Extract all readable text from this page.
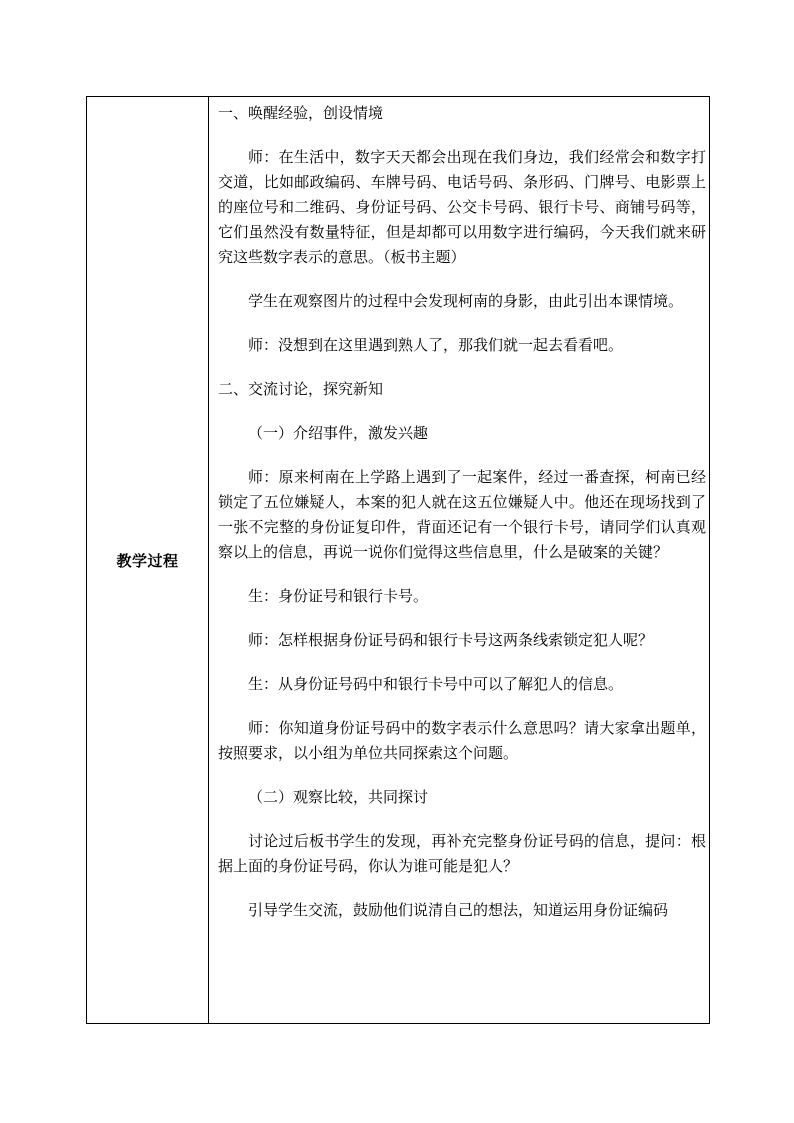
教学过程

一、唤醒经验，创设情境

师：在生活中，数字天天都会出现在我们身边，我们经常会和数字打交道，比如邮政编码、车牌号码、电话号码、条形码、门牌号、电影票上的座位号和二维码、身份证号码、公交卡号码、银行卡号、商铺号码等，它们虽然没有数量特征，但是却都可以用数字进行编码，今天我们就来研究这些数字表示的意思。（板书主题）

学生在观察图片的过程中会发现柯南的身影，由此引出本课情境。

师：没想到在这里遇到熟人了，那我们就一起去看看吧。

二、交流讨论，探究新知

（一）介绍事件，激发兴趣

师：原来柯南在上学路上遇到了一起案件，经过一番查探，柯南已经锁定了五位嫌疑人，本案的犯人就在这五位嫌疑人中。他还在现场找到了一张不完整的身份证复印件，背面还记有一个银行卡号，请同学们认真观察以上的信息，再说一说你们觉得这些信息里，什么是破案的关键？

生：身份证号和银行卡号。

师：怎样根据身份证号码和银行卡号这两条线索锁定犯人呢？

生：从身份证号码中和银行卡号中可以了解犯人的信息。

师：你知道身份证号码中的数字表示什么意思吗？请大家拿出题单，按照要求，以小组为单位共同探索这个问题。

（二）观察比较，共同探讨

讨论过后板书学生的发现，再补充完整身份证号码的信息，提问：根据上面的身份证号码，你认为谁可能是犯人？

引导学生交流，鼓励他们说清自己的想法，知道运用身份证编码
